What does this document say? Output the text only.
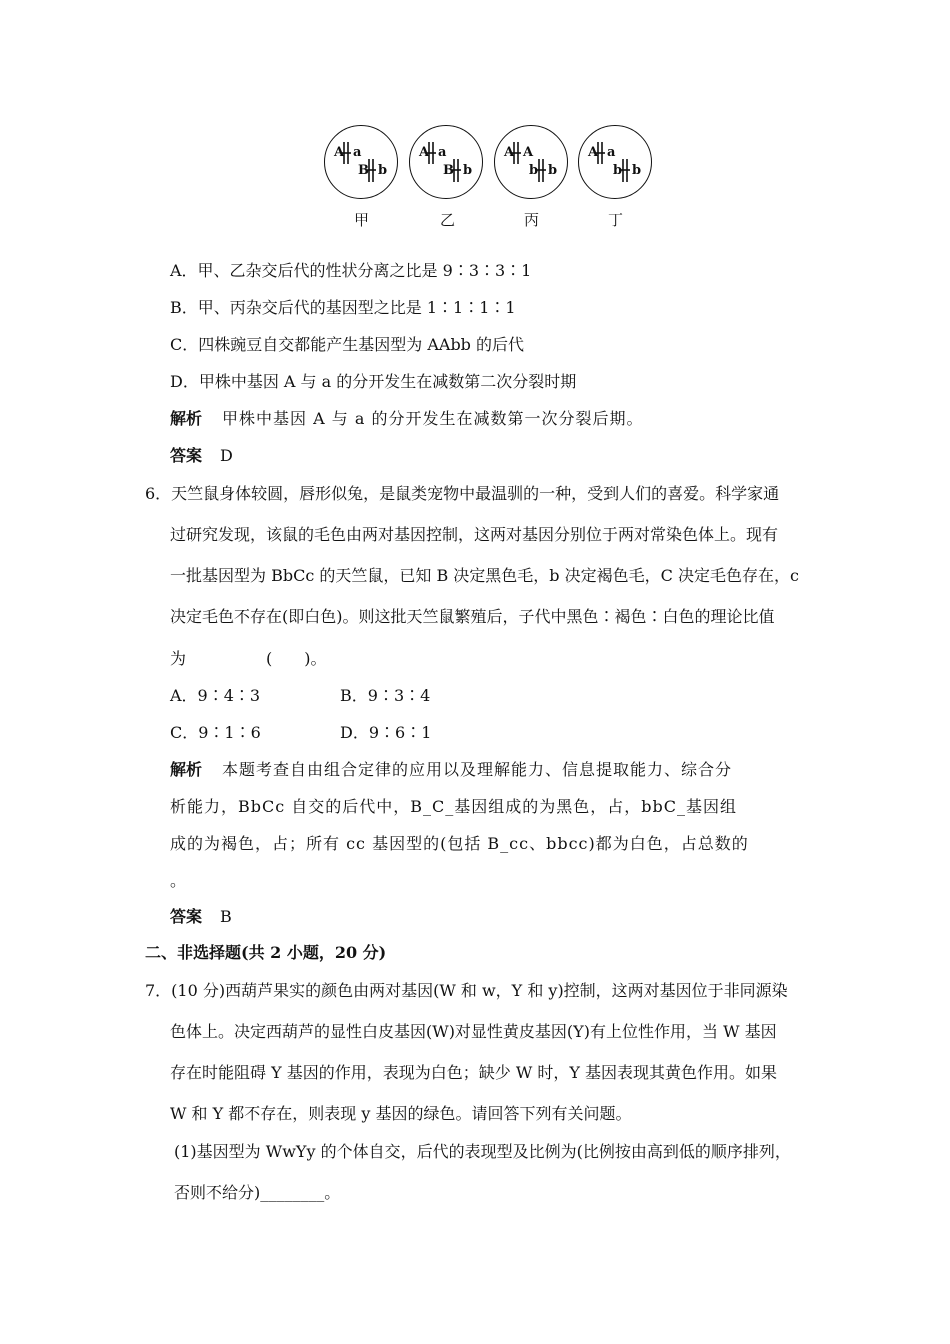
A a
B b
A a
B b
A A
b b
A a
b b
甲	乙	丙	丁
A．甲、乙杂交后代的性状分离之比是 9∶3∶3∶1
B．甲、丙杂交后代的基因型之比是 1∶1∶1∶1
C．四株豌豆自交都能产生基因型为 AAbb 的后代
D．甲株中基因 A 与 a 的分开发生在减数第二次分裂时期
解析 甲株中基因 A 与 a 的分开发生在减数第一次分裂后期。
答案 D
6．天竺鼠身体较圆，唇形似兔，是鼠类宠物中最温驯的一种，受到人们的喜爱。科学家通
过研究发现，该鼠的毛色由两对基因控制，这两对基因分别位于两对常染色体上。现有
一批基因型为 BbCc 的天竺鼠，已知 B 决定黑色毛，b 决定褐色毛，C 决定毛色存在，c
决定毛色不存在(即白色)。则这批天竺鼠繁殖后，子代中黑色∶褐色∶白色的理论比值
为　　　　　(　　)。
A．9∶4∶3	B．9∶3∶4
C．9∶1∶6	D．9∶6∶1
解析 本题考查自由组合定律的应用以及理解能力、信息提取能力、综合分
析能力，BbCc 自交的后代中，B_C_基因组成的为黑色，占，bbC_基因组
成的为褐色，占；所有 cc 基因型的(包括 B_cc、bbcc)都为白色，占总数的
。
答案 B
二、非选择题(共 2 小题，20 分)
7．(10 分)西葫芦果实的颜色由两对基因(W 和 w，Y 和 y)控制，这两对基因位于非同源染
色体上。决定西葫芦的显性白皮基因(W)对显性黄皮基因(Y)有上位性作用，当 W 基因
存在时能阻碍 Y 基因的作用，表现为白色；缺少 W 时，Y 基因表现其黄色作用。如果
W 和 Y 都不存在，则表现 y 基因的绿色。请回答下列有关问题。
(1)基因型为 WwYy 的个体自交，后代的表现型及比例为(比例按由高到低的顺序排列，
否则不给分)________。
